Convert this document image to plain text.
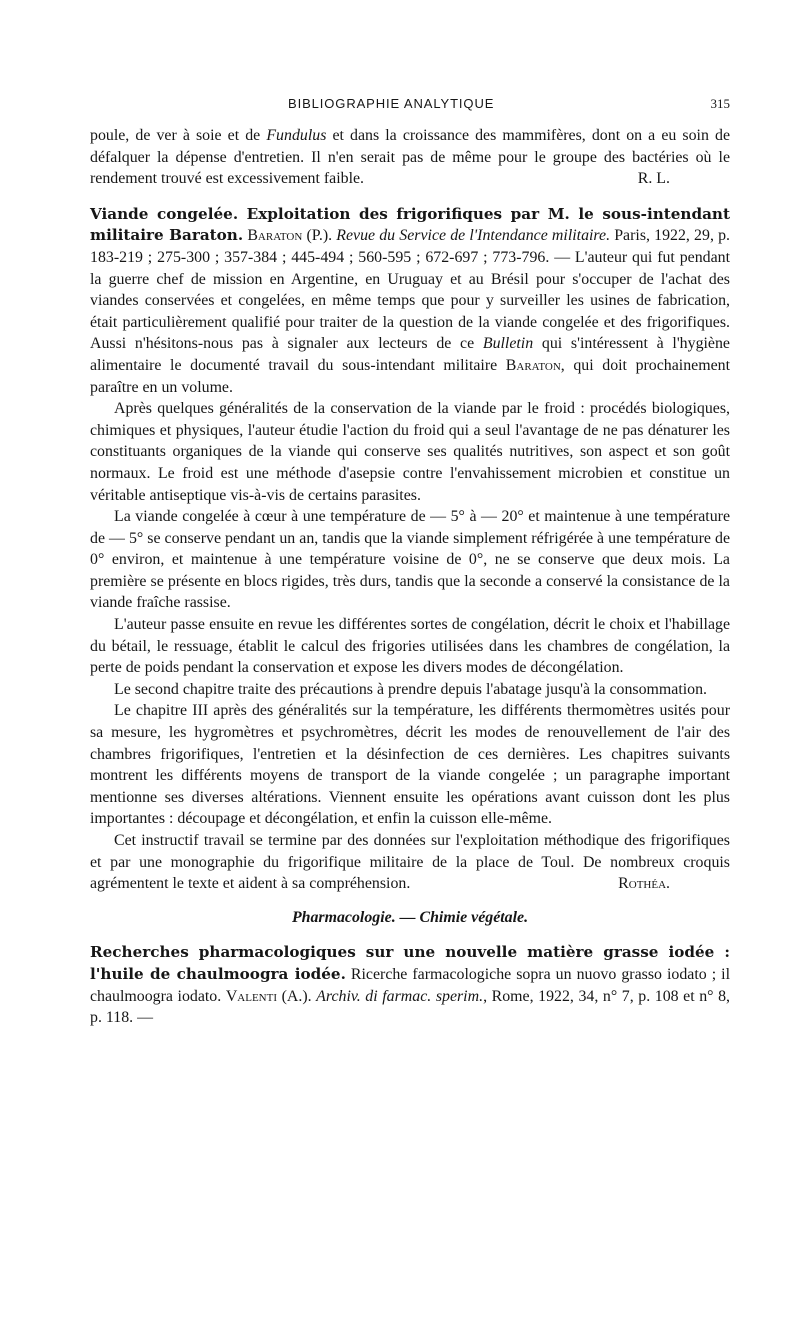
BIBLIOGRAPHIE ANALYTIQUE	315

poule, de ver à soie et de Fundulus et dans la croissance des mammifères, dont on a eu soin de défalquer la dépense d'entretien. Il n'en serait pas de même pour le groupe des bactéries où le rendement trouvé est excessivement faible.	R. L.

Viande congelée. Exploitation des frigorifiques par M. le sous-intendant militaire Baraton. Baraton (P.). Revue du Service de l'Intendance militaire. Paris, 1922, 29, p. 183-219 ; 275-300 ; 357-384 ; 445-494 ; 560-595 ; 672-697 ; 773-796. — L'auteur qui fut pendant la guerre chef de mission en Argentine, en Uruguay et au Brésil pour s'occuper de l'achat des viandes conservées et congelées, en même temps que pour y surveiller les usines de fabrication, était particulièrement qualifié pour traiter de la question de la viande congelée et des frigorifiques. Aussi n'hésitons-nous pas à signaler aux lecteurs de ce Bulletin qui s'intéressent à l'hygiène alimentaire le documenté travail du sous-intendant militaire Baraton, qui doit prochainement paraître en un volume.

Après quelques généralités de la conservation de la viande par le froid : procédés biologiques, chimiques et physiques, l'auteur étudie l'action du froid qui a seul l'avantage de ne pas dénaturer les constituants organiques de la viande qui conserve ses qualités nutritives, son aspect et son goût normaux. Le froid est une méthode d'asepsie contre l'envahissement microbien et constitue un véritable antiseptique vis-à-vis de certains parasites.

La viande congelée à cœur à une température de — 5° à — 20° et maintenue à une température de — 5° se conserve pendant un an, tandis que la viande simplement réfrigérée à une température de 0° environ, et maintenue à une température voisine de 0°, ne se conserve que deux mois. La première se présente en blocs rigides, très durs, tandis que la seconde a conservé la consistance de la viande fraîche rassise.

L'auteur passe ensuite en revue les différentes sortes de congélation, décrit le choix et l'habillage du bétail, le ressuage, établit le calcul des frigories utilisées dans les chambres de congélation, la perte de poids pendant la conservation et expose les divers modes de décongélation.

Le second chapitre traite des précautions à prendre depuis l'abatage jusqu'à la consommation.

Le chapitre III après des généralités sur la température, les différents thermomètres usités pour sa mesure, les hygromètres et psychromètres, décrit les modes de renouvellement de l'air des chambres frigorifiques, l'entretien et la désinfection de ces dernières. Les chapitres suivants montrent les différents moyens de transport de la viande congelée ; un paragraphe important mentionne ses diverses altérations. Viennent ensuite les opérations avant cuisson dont les plus importantes : découpage et décongélation, et enfin la cuisson elle-même.

Cet instructif travail se termine par des données sur l'exploitation méthodique des frigorifiques et par une monographie du frigorifique militaire de la place de Toul. De nombreux croquis agrémentent le texte et aident à sa compréhension.	Rothéa.

Pharmacologie. — Chimie végétale.

Recherches pharmacologiques sur une nouvelle matière grasse iodée : l'huile de chaulmoogra iodée. Ricerche farmacologiche sopra un nuovo grasso iodato ; il chaulmoogra iodato. Valenti (A.). Archiv. di farmac. sperim., Rome, 1922, 34, n° 7, p. 108 et n° 8, p. 118. —
